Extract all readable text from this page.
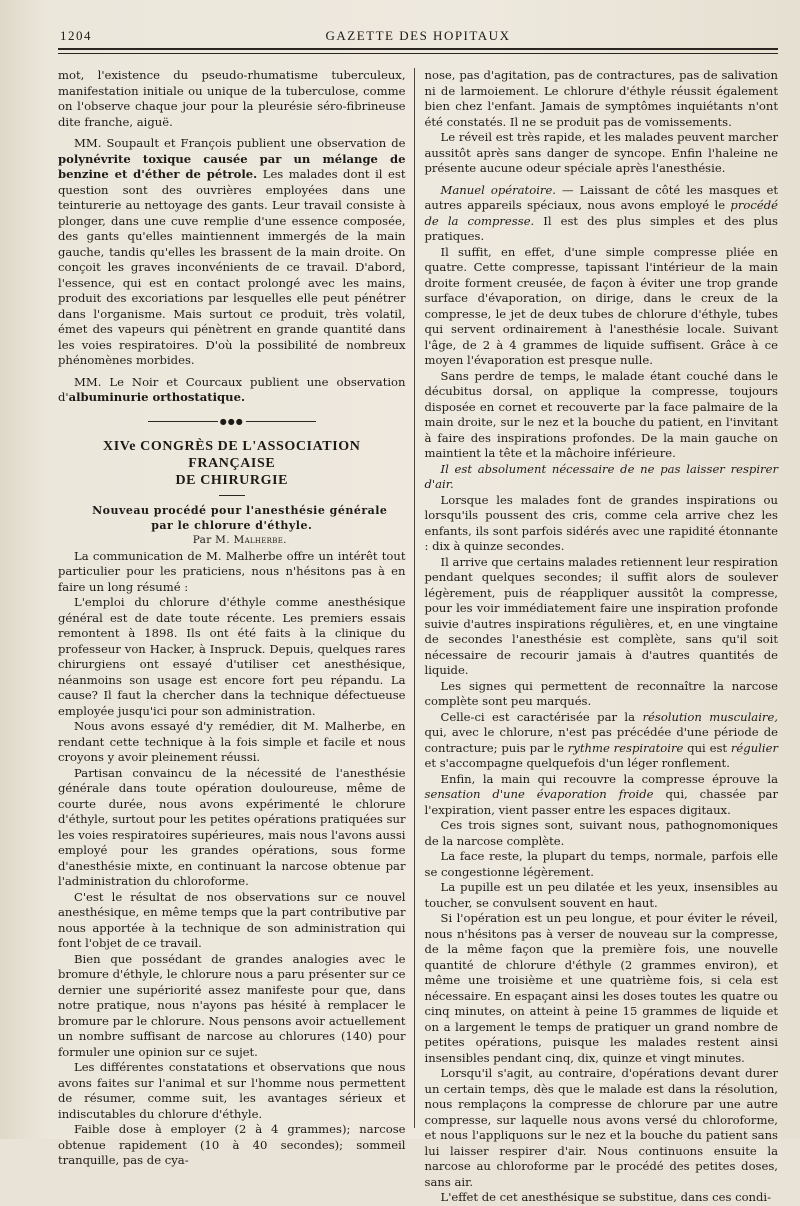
1204	GAZETTE DES HOPITAUX

mot, l'existence du pseudo-rhumatisme tuberculeux, manifestation initiale ou unique de la tuberculose, comme on l'observe chaque jour pour la pleurésie séro-fibrineuse dite franche, aiguë.

MM. Soupault et François publient une observation de polynévrite toxique causée par un mélange de benzine et d'éther de pétrole. Les malades dont il est question sont des ouvrières employées dans une teinturerie au nettoyage des gants. Leur travail consiste à plonger, dans une cuve remplie d'une essence composée, des gants qu'elles maintiennent immergés de la main gauche, tandis qu'elles les brassent de la main droite. On conçoit les graves inconvénients de ce travail. D'abord, l'essence, qui est en contact prolongé avec les mains, produit des excoriations par lesquelles elle peut pénétrer dans l'organisme. Mais surtout ce produit, très volatil, émet des vapeurs qui pénètrent en grande quantité dans les voies respiratoires. D'où la possibilité de nombreux phénomènes morbides.

MM. Le Noir et Courcaux publient une observation d'albuminurie orthostatique.

●●●
XIVe CONGRÈS DE L'ASSOCIATION FRANÇAISE
DE CHIRURGIE

Nouveau procédé pour l'anesthésie générale
par le chlorure d'éthyle.

Par M. Malherbe.

La communication de M. Malherbe offre un intérêt tout particulier pour les praticiens, nous n'hésitons pas à en faire un long résumé :

L'emploi du chlorure d'éthyle comme anesthésique général est de date toute récente. Les premiers essais remontent à 1898. Ils ont été faits à la clinique du professeur von Hacker, à Inspruck. Depuis, quelques rares chirurgiens ont essayé d'utiliser cet anesthésique, néanmoins son usage est encore fort peu répandu. La cause? Il faut la chercher dans la technique défectueuse employée jusqu'ici pour son administration.

Nous avons essayé d'y remédier, dit M. Malherbe, en rendant cette technique à la fois simple et facile et nous croyons y avoir pleinement réussi.

Partisan convaincu de la nécessité de l'anesthésie générale dans toute opération douloureuse, même de courte durée, nous avons expérimenté le chlorure d'éthyle, surtout pour les petites opérations pratiquées sur les voies respiratoires supérieures, mais nous l'avons aussi employé pour les grandes opérations, sous forme d'anesthésie mixte, en continuant la narcose obtenue par l'administration du chloroforme.

C'est le résultat de nos observations sur ce nouvel anesthésique, en même temps que la part contributive par nous apportée à la technique de son administration qui font l'objet de ce travail.

Bien que possédant de grandes analogies avec le bromure d'éthyle, le chlorure nous a paru présenter sur ce dernier une supériorité assez manifeste pour que, dans notre pratique, nous n'ayons pas hésité à remplacer le bromure par le chlorure. Nous pensons avoir actuellement un nombre suffisant de narcose au chlorures (140) pour formuler une opinion sur ce sujet.

Les différentes constatations et observations que nous avons faites sur l'animal et sur l'homme nous permettent de résumer, comme suit, les avantages sérieux et indiscutables du chlorure d'éthyle.

Faible dose à employer (2 à 4 grammes); narcose obtenue rapidement (10 à 40 secondes); sommeil tranquille, pas de cya-

nose, pas d'agitation, pas de contractures, pas de salivation ni de larmoiement. Le chlorure d'éthyle réussit également bien chez l'enfant. Jamais de symptômes inquiétants n'ont été constatés. Il ne se produit pas de vomissements.

Le réveil est très rapide, et les malades peuvent marcher aussitôt après sans danger de syncope. Enfin l'haleine ne présente aucune odeur spéciale après l'anesthésie.

Manuel opératoire. — Laissant de côté les masques et autres appareils spéciaux, nous avons employé le procédé de la compresse. Il est des plus simples et des plus pratiques.

Il suffit, en effet, d'une simple compresse pliée en quatre. Cette compresse, tapissant l'intérieur de la main droite forment creusée, de façon à éviter une trop grande surface d'évaporation, on dirige, dans le creux de la compresse, le jet de deux tubes de chlorure d'éthyle, tubes qui servent ordinairement à l'anesthésie locale. Suivant l'âge, de 2 à 4 grammes de liquide suffisent. Grâce à ce moyen l'évaporation est presque nulle.

Sans perdre de temps, le malade étant couché dans le décubitus dorsal, on applique la compresse, toujours disposée en cornet et recouverte par la face palmaire de la main droite, sur le nez et la bouche du patient, en l'invitant à faire des inspirations profondes. De la main gauche on maintient la tête et la mâchoire inférieure.

Il est absolument nécessaire de ne pas laisser respirer d'air.

Lorsque les malades font de grandes inspirations ou lorsqu'ils poussent des cris, comme cela arrive chez les enfants, ils sont parfois sidérés avec une rapidité étonnante : dix à quinze secondes.

Il arrive que certains malades retiennent leur respiration pendant quelques secondes; il suffit alors de soulever légèrement, puis de réappliquer aussitôt la compresse, pour les voir immédiatement faire une inspiration profonde suivie d'autres inspirations régulières, et, en une vingtaine de secondes l'anesthésie est complète, sans qu'il soit nécessaire de recourir jamais à d'autres quantités de liquide.

Les signes qui permettent de reconnaître la narcose complète sont peu marqués.

Celle-ci est caractérisée par la résolution musculaire, qui, avec le chlorure, n'est pas précédée d'une période de contracture; puis par le rythme respiratoire qui est régulier et s'accompagne quelquefois d'un léger ronflement.

Enfin, la main qui recouvre la compresse éprouve la sensation d'une évaporation froide qui, chassée par l'expiration, vient passer entre les espaces digitaux.

Ces trois signes sont, suivant nous, pathognomoniques de la narcose complète.

La face reste, la plupart du temps, normale, parfois elle se congestionne légèrement.

La pupille est un peu dilatée et les yeux, insensibles au toucher, se convulsent souvent en haut.

Si l'opération est un peu longue, et pour éviter le réveil, nous n'hésitons pas à verser de nouveau sur la compresse, de la même façon que la première fois, une nouvelle quantité de chlorure d'éthyle (2 grammes environ), et même une troisième et une quatrième fois, si cela est nécessaire. En espaçant ainsi les doses toutes les quatre ou cinq minutes, on atteint à peine 15 grammes de liquide et on a largement le temps de pratiquer un grand nombre de petites opérations, puisque les malades restent ainsi insensibles pendant cinq, dix, quinze et vingt minutes.

Lorsqu'il s'agit, au contraire, d'opérations devant durer un certain temps, dès que le malade est dans la résolution, nous remplaçons la compresse de chlorure par une autre compresse, sur laquelle nous avons versé du chloroforme, et nous l'appliquons sur le nez et la bouche du patient sans lui laisser respirer d'air. Nous continuons ensuite la narcose au chloroforme par le procédé des petites doses, sans air.

L'effet de cet anesthésique se substitue, dans ces condi-
